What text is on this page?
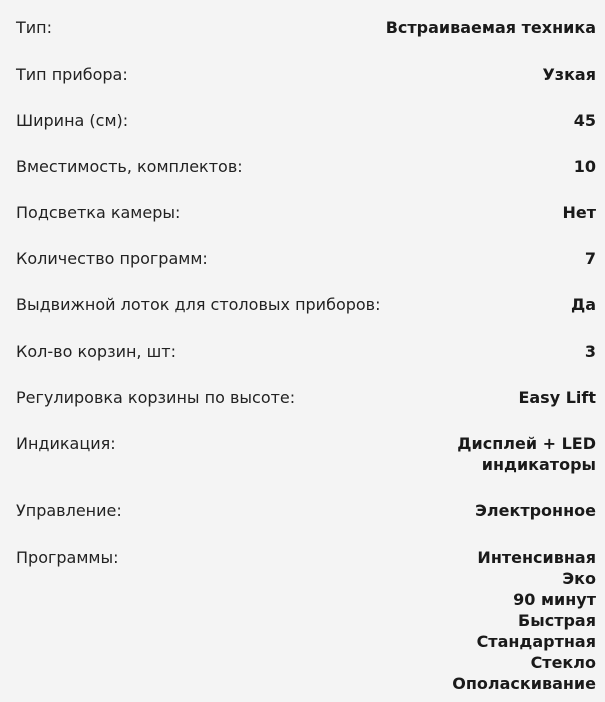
Тип:	Встраиваемая техника
Тип прибора:	Узкая
Ширина (см):	45
Вместимость, комплектов:	10
Подсветка камеры:	Нет
Количество программ:	7
Выдвижной лоток для столовых приборов:	Да
Кол-во корзин, шт:	3
Регулировка корзины по высоте:	Easy Lift
Индикация:	Дисплей + LED
индикаторы
Управление:	Электронное
Программы:	Интенсивная
Эко
90 минут
Быстрая
Стандартная
Стекло
Ополаскивание
